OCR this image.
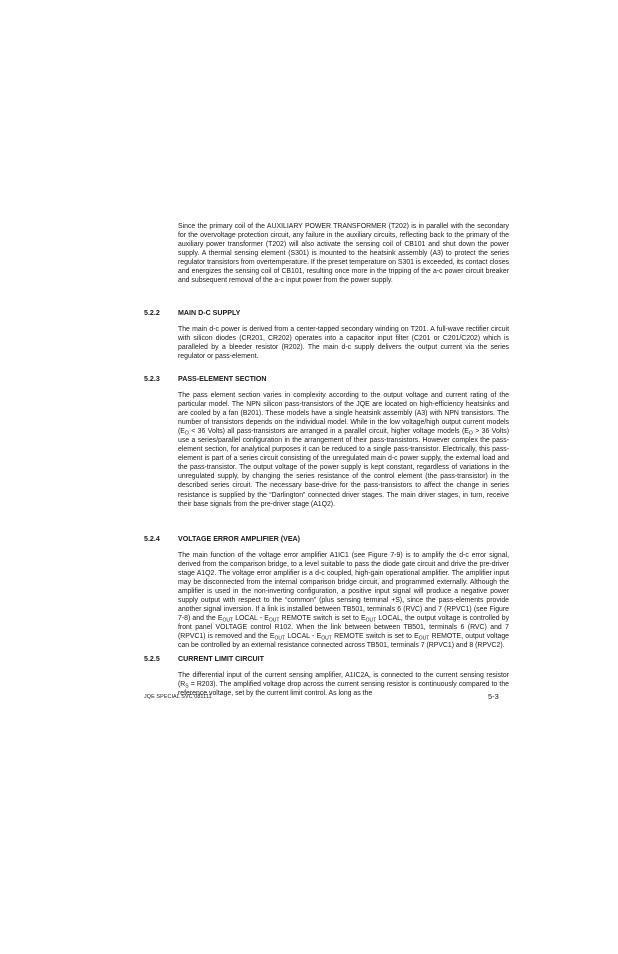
Since the primary coil of the AUXILIARY POWER TRANSFORMER (T202) is in parallel with the secondary for the overvoltage protection circuit, any failure in the auxiliary circuits, reflecting back to the primary of the auxiliary power transformer (T202) will also activate the sensing coil of CB101 and shut down the power supply. A thermal sensing element (S301) is mounted to the heatsink assembly (A3) to protect the series regulator transistors from overtemperature. If the preset temperature on S301 is exceeded, its contact closes and energizes the sensing coil of CB101, resulting once more in the tripping of the a-c power circuit breaker and subsequent removal of the a-c input power from the power supply.

5.2.2	MAIN D-C SUPPLY

The main d-c power is derived from a center-tapped secondary winding on T201. A full-wave rectifier circuit with silicon diodes (CR201, CR202) operates into a capacitor input filter (C201 or C201/C202) which is paralleled by a bleeder resistor (R202). The main d-c supply delivers the output current via the series regulator or pass-element.

5.2.3	PASS-ELEMENT SECTION

The pass element section varies in complexity according to the output voltage and current rating of the particular model. The NPN silicon pass-transistors of the JQE are located on high-efficiency heatsinks and are cooled by a fan (B201). These models have a single heatsink assembly (A3) with NPN transistors. The number of transistors depends on the individual model. While in the low voltage/high output current models ($E_O < 36$ Volts) all pass-transistors are arranged in a parallel circuit, higher voltage models ($E_O > 36$ Volts) use a series/parallel configuration in the arrangement of their pass-transistors. However complex the pass-element section, for analytical purposes it can be reduced to a single pass-transistor. Electrically, this pass-element is part of a series circuit consisting of the unregulated main d-c power supply, the external load and the pass-transistor. The output voltage of the power supply is kept constant, regardless of variations in the unregulated supply, by changing the series resistance of the control element (the pass-transistor) in the described series circuit. The necessary base-drive for the pass-transistors to affect the change in series resistance is supplied by the “Darlington” connected driver stages. The main driver stages, in turn, receive their base signals from the pre-driver stage (A1Q2).

5.2.4	VOLTAGE ERROR AMPLIFIER (VEA)

The main function of the voltage error amplifier A1IC1 (see Figure 7-9) is to amplify the d-c error signal, derived from the comparison bridge, to a level suitable to pass the diode gate circuit and drive the pre-driver stage A1Q2. The voltage error amplifier is a d-c coupled, high-gain operational amplifier. The amplifier input may be disconnected from the internal comparison bridge circuit, and programmed externally. Although the amplifier is used in the non-inverting configuration, a positive input signal will produce a negative power supply output with respect to the “common” (plus sensing terminal +S), since the pass-elements provide another signal inversion. If a link is installed between TB501, terminals 6 (RVC) and 7 (RPVC1) (see Figure 7-8) and the $E_{OUT}$ LOCAL - $E_{OUT}$ REMOTE switch is set to $E_{OUT}$ LOCAL, the output voltage is controlled by front panel VOLTAGE control R102. When the link between between TB501, terminals 6 (RVC) and 7 (RPVC1) is removed and the $E_{OUT}$ LOCAL - $E_{OUT}$ REMOTE switch is set to $E_{OUT}$ REMOTE, output voltage can be controlled by an external resistance connected across TB501, terminals 7 (RPVC1) and 8 (RPVC2).

5.2.5	CURRENT LIMIT CIRCUIT

The differential input of the current sensing amplifier, A1IC2A, is connected to the current sensing resistor $(R_S = R203)$. The amplified voltage drop across the current sensing resistor is continuously compared to the reference voltage, set by the current limit control. As long as the

JQE SPECIAL SVC 081111	5-3
